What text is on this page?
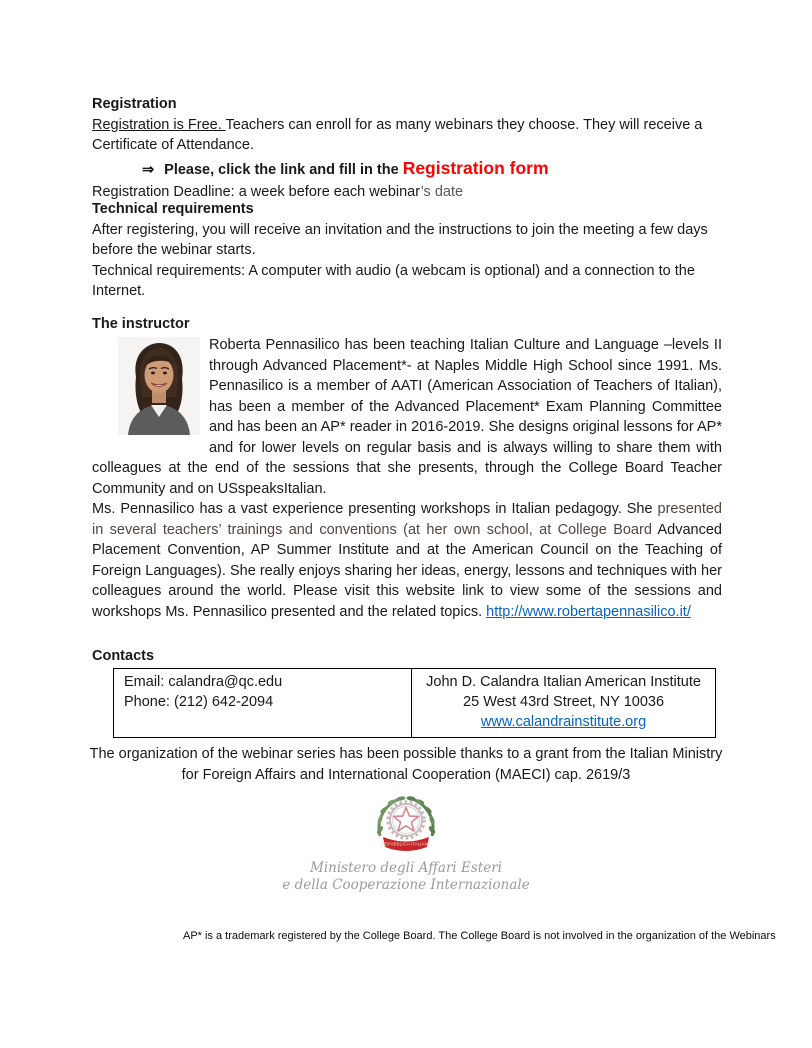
Registration

Registration is Free. Teachers can enroll for as many webinars they choose. They will receive a Certificate of Attendance.

⇒ Please, click the link and fill in the Registration form

Registration Deadline: a week before each webinar’s date

Technical requirements

After registering, you will receive an invitation and the instructions to join the meeting a few days before the webinar starts.

Technical requirements: A computer with audio (a webcam is optional) and a connection to the Internet.

The instructor

Roberta Pennasilico has been teaching Italian Culture and Language –levels II through Advanced Placement*- at Naples Middle High School since 1991. Ms. Pennasilico is a member of AATI (American Association of Teachers of Italian), has been a member of the Advanced Placement* Exam Planning Committee and has been an AP* reader in 2016-2019. She designs original lessons for AP* and for lower levels on regular basis and is always willing to share them with colleagues at the end of the sessions that she presents, through the College Board Teacher Community and on USspeaksItalian.

Ms. Pennasilico has a vast experience presenting workshops in Italian pedagogy. She presented in several teachers’ trainings and conventions (at her own school, at College Board Advanced Placement Convention, AP Summer Institute and at the American Council on the Teaching of Foreign Languages). She really enjoys sharing her ideas, energy, lessons and techniques with her colleagues around the world. Please visit this website link to view some of the sessions and workshops Ms. Pennasilico presented and the related topics. http://www.robertapennasilico.it/

Contacts
Email: calandra@qc.edu
Phone: (212) 642-2094
John D. Calandra Italian American Institute
25 West 43rd Street, NY 10036
www.calandrainstitute.org
The organization of the webinar series has been possible thanks to a grant from the Italian Ministry for Foreign Affairs and International Cooperation (MAECI) cap. 2619/3
REPVBBLICA ITALIANA
Ministero degli Affari Esteri
e della Cooperazione Internazionale
AP* is a trademark registered by the College Board. The College Board is not involved in the organization of the Webinars
